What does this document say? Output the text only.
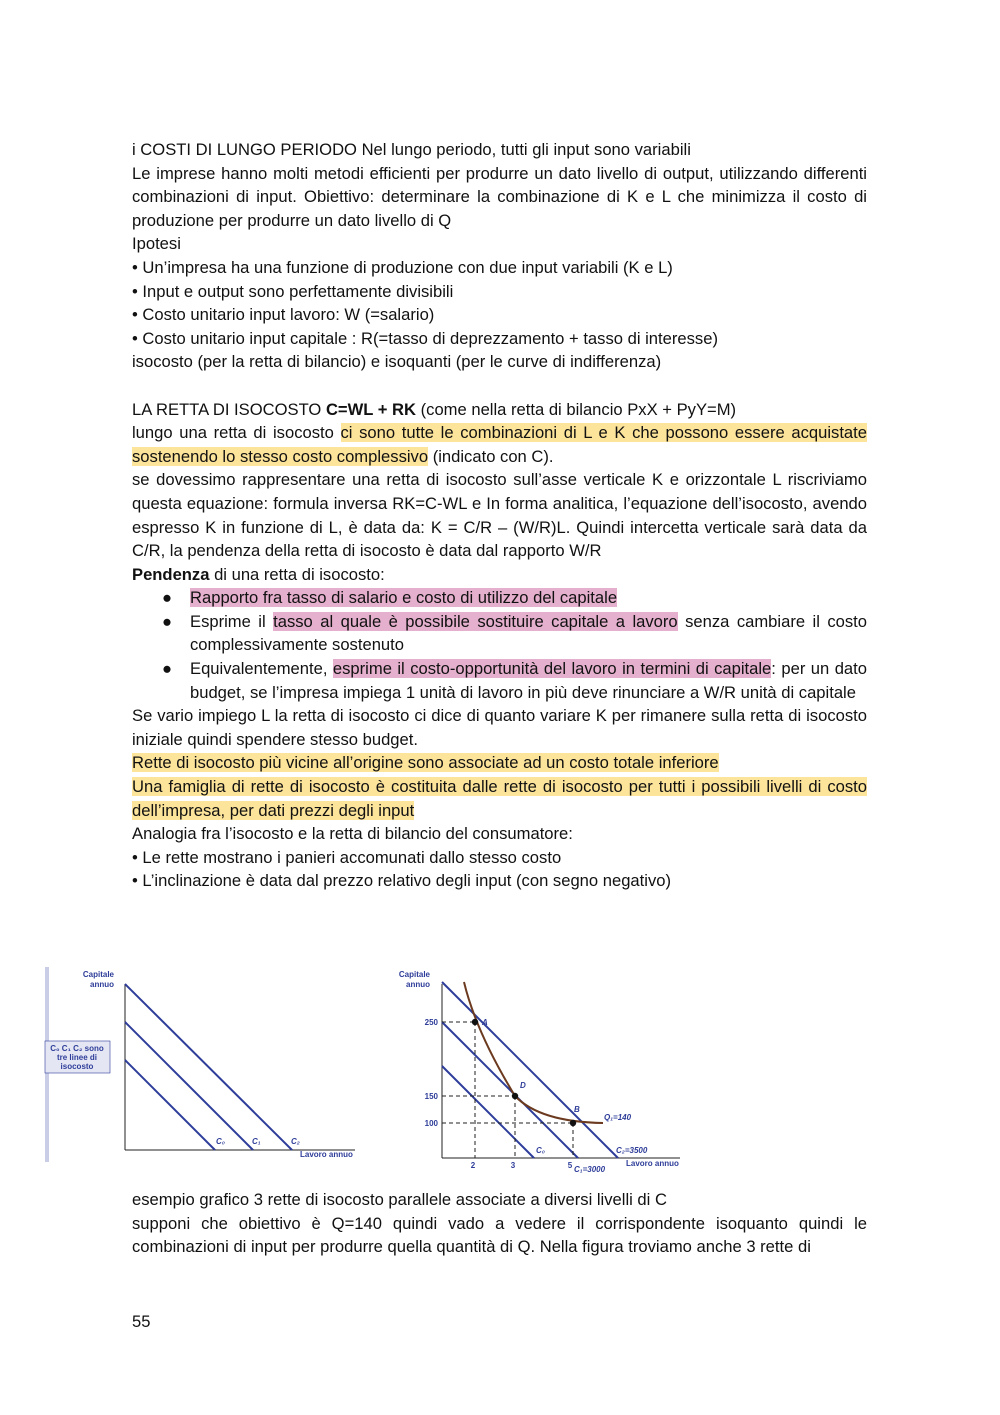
i COSTI DI LUNGO PERIODO Nel lungo periodo, tutti gli input sono variabili

Le imprese hanno molti metodi efficienti per produrre un dato livello di output, utilizzando differenti combinazioni di input. Obiettivo: determinare la combinazione di K e L che minimizza il costo di produzione per produrre un dato livello di Q

Ipotesi

• Un’impresa ha una funzione di produzione con due input variabili (K e L)

• Input e output sono perfettamente divisibili

• Costo unitario input lavoro: W (=salario)

• Costo unitario input capitale : R(=tasso di deprezzamento + tasso di interesse)

isocosto (per la retta di bilancio) e isoquanti (per le curve di indifferenza)

LA RETTA DI ISOCOSTO C=WL + RK (come nella retta di bilancio PxX + PyY=M)

lungo una retta di isocosto ci sono tutte le combinazioni di L e K che possono essere acquistate sostenendo lo stesso costo complessivo (indicato con C).

se dovessimo rappresentare una retta di isocosto sull’asse verticale K e orizzontale L riscriviamo questa equazione: formula inversa RK=C-WL e In forma analitica, l’equazione dell’isocosto, avendo espresso K in funzione di L, è data da: K = C/R – (W/R)L. Quindi intercetta verticale sarà data da C/R, la pendenza della retta di isocosto è data dal rapporto W/R

Pendenza di una retta di isocosto:

● Rapporto fra tasso di salario e costo di utilizzo del capitale
● Esprime il tasso al quale è possibile sostituire capitale a lavoro senza cambiare il costo complessivamente sostenuto
● Equivalentemente, esprime il costo-opportunità del lavoro in termini di capitale: per un dato budget, se l’impresa impiega 1 unità di lavoro in più deve rinunciare a W/R unità di capitale

Se vario impiego L la retta di isocosto ci dice di quanto variare K per rimanere sulla retta di isocosto iniziale quindi spendere stesso budget.

Rette di isocosto più vicine all’origine sono associate ad un costo totale inferiore

Una famiglia di rette di isocosto è costituita dalle rette di isocosto per tutti i possibili livelli di costo dell’impresa, per dati prezzi degli input

Analogia fra l’isocosto e la retta di bilancio del consumatore:

• Le rette mostrano i panieri accomunati dallo stesso costo

• L’inclinazione è data dal prezzo relativo degli input (con segno negativo)

Capitale
annuo
C₀	C₁	C₂
Lavoro annuo
C₀ C₁ C₂ sono
tre linee di
isocosto
Capitale
annuo
A
D
B
250
150
100
2	3	5
Q₁=140
C₀
C₁=3000
C₂=3500
Lavoro annuo

esempio grafico 3 rette di isocosto parallele associate a diversi livelli di C

supponi che obiettivo è Q=140 quindi vado a vedere il corrispondente isoquanto quindi le combinazioni di input per produrre quella quantità di Q. Nella figura troviamo anche 3 rette di

55
